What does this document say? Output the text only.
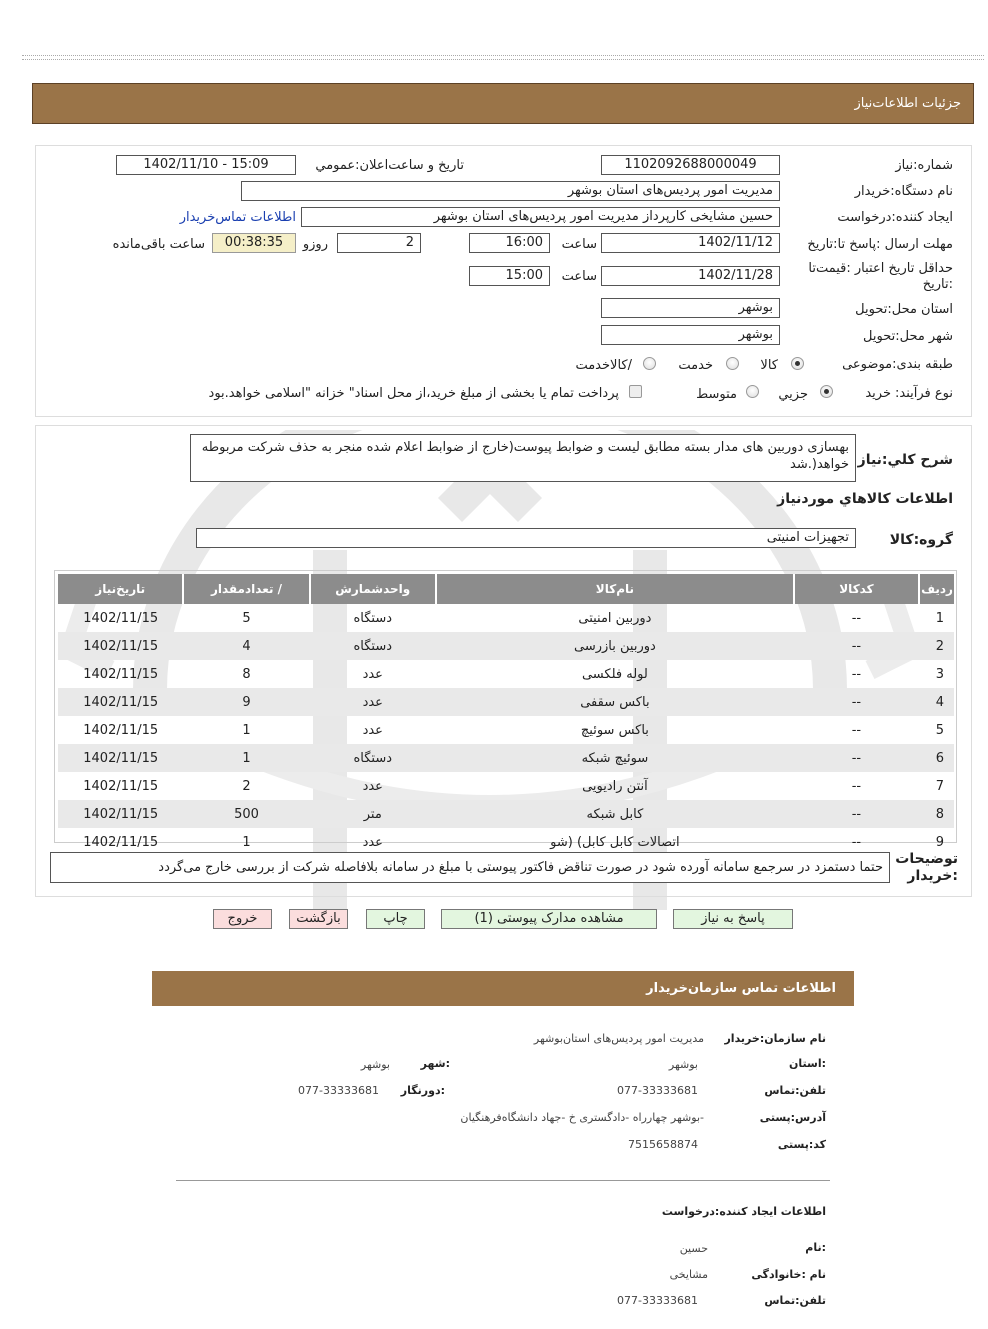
جزئیات اطلاعات‌نیاز
شماره‌:نیاز
1102092688000049
تاریخ و ساعت‌اعلان:عمومي
1402/11/10 - 15:09
نام دستگاه:خریدار
مدیریت امور پردیس‌های استان بوشهر
ایجاد کننده:درخواست
حسین مشایخی کارپرداز مدیریت امور پردیس‌های استان بوشهر
اطلاعات تماس‌خریدار
مهلت ارسال :پاسخ تا:تاریخ
1402/11/12
ساعت
16:00
2
روزو
00:38:35
ساعت باقی‌مانده
حداقل تاریخ اعتبار :قیمت‌تا :تاریخ
1402/11/28
ساعت
15:00
استان محل:تحویل
بوشهر
شهر محل:تحویل
بوشهر
طبقه بندی:موضوعی
کالا
خدمت
/کالاخدمت
نوع فرآیند:
خرید
جزیي
متوسط
پرداخت تمام یا بخشی از مبلغ خرید،از محل اسناد" خزانه "اسلامی خواهد.بود
شرح کلي:نیاز
بهسازی دوربین های مدار بسته مطابق لیست و ضوابط پیوست(خارج از ضوابط اعلام شده منجر به حذف شرکت مربوطه خواهد(.شد
اطلاعات کالاهاي موردنیاز
گروه:کالا
تجهیزات امنیتی
ردیف	کدکالا	نام‌کالا	واحدشمارش	/ تعدادمقدار	تاریخ‌نیاز
1	--	دوربین امنیتی	دستگاه	5	1402/11/15
2	--	دوربین بازرسی	دستگاه	4	1402/11/15
3	--	لوله فلکسی	عدد	8	1402/11/15
4	--	باکس سقفی	عدد	9	1402/11/15
5	--	باکس سوئیچ	عدد	1	1402/11/15
6	--	سوئیچ شبکه	دستگاه	1	1402/11/15
7	--	آنتن رادیویی	عدد	2	1402/11/15
8	--	کابل شبکه	متر	500	1402/11/15
9	--	اتصالات کابل کابل) (شو	عدد	1	1402/11/15
توضیحات :خریدار
حتما دستمزد در سرجمع سامانه آورده شود در صورت تناقض فاکتور پیوستی با مبلغ در سامانه بلافاصله شرکت از بررسی خارج می‌گردد
پاسخ به نیاز
مشاهده مدارک پیوستی (1)
چاپ
بازگشت
خروج
اطلاعات تماس سازمان‌خریدار
نام سازمان:خریدار
مدیریت امور پردیس‌های استان‌بوشهر
:استان
بوشهر
:شهر
بوشهر
تلفن:تماس
077-33333681
:دورنگار
077-33333681
آدرس:پستی
-بوشهر چهارراه -دادگستری خ -جهاد دانشگاه‌فرهنگیان
کد:پستی
7515658874
اطلاعات ایجاد کننده:درخواست
:نام
حسین
نام :خانوادگی
مشایخی
تلفن:تماس
077-33333681
